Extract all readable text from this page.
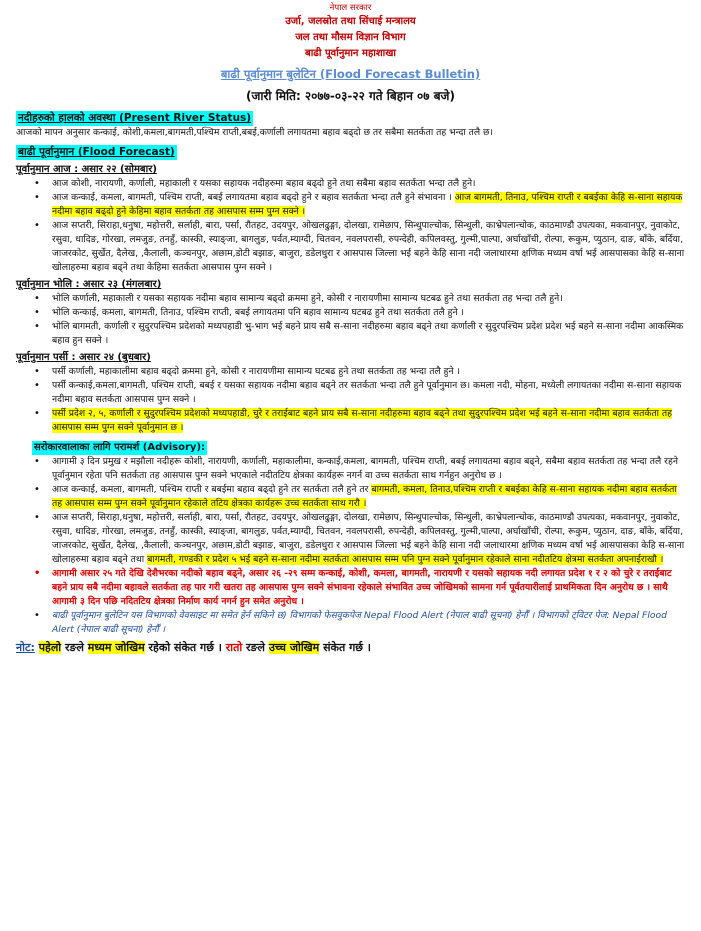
नेपाल सरकार
उर्जा, जलस्रोत तथा सिंचाई मन्त्रालय
जल तथा मौसम विज्ञान विभाग
बाढी पूर्वानुमान महाशाखा
बाढी पूर्वानुमान बुलेटिन (Flood Forecast Bulletin)
(जारी मिति: २०७७-०३-२२ गते बिहान ०७ बजे)
नदीहरुको हालको अवस्था (Present River Status)

आजको मापन अनुसार कन्काई, कोशी,कमला,बागमती,पश्चिम राप्ती,बबई,कर्णाली लगायतमा बहाव बढ्दो छ तर सबैमा सतर्कता तह भन्दा तलै छ।

बाढी पूर्वानुमान (Flood Forecast)
पूर्वानुमान आज : असार २२ (सोमबार)
• आज कोशी, नारायणी, कर्णाली, महाकाली र यसका सहायक नदीहरुमा बहाव बढ्दो हुने तथा सबैमा बहाव सतर्कता भन्दा तलै हुने।
• आज कन्काई, कमला, बागमती, पश्चिम राप्ती, बबई लगायतमा बहाव बढ्दो हुने र बहाव सतर्कता भन्दा तलै हुने संभावना । आज बागमती, तिनाउ, पश्चिम राप्ती र बबईका केहि स-साना सहायक नदीमा बहाव बढ्दो हुने केहिमा बहाव सतर्कता तह आसपास सम्म पुग्न सक्ने ।
• आज सप्तरी, सिराहा,धनुषा, महोत्तरी, सर्लाही, बारा, पर्सा, रौतहट, उदयपुर, ओखलढुङ्गा, दोलखा, रामेछाप, सिन्धुपाल्चोक, सिन्धुली, काभ्रेपलान्चोक, काठमाण्डौ उपत्यका, मकवानपुर, नुवाकोट, रसुवा, धादिङ, गोरखा, लमजुङ, तनहुँ, कास्की, स्याङ्जा, बागलुङ, पर्वत,म्याग्दी, चितवन, नवलपरासी, रुपन्देही, कपिलवस्तु, गुल्मी,पाल्पा, अर्घाखाँची, रोल्पा, रूकुम, प्युठान, दाङ, बाँके, बर्दिया, जाजरकोट, सुर्खेत, दैलेख, ,कैलाली, कञ्चनपुर, अछाम,डोटी बझाङ, बाजुरा, डडेलधुरा र आसपास जिल्ला भई बहने केहि साना नदी जलाधारमा क्षणिक मध्यम वर्षा भई आसपासका केहि स-साना खोलाहरुमा बहाव बढ्ने तथा केहिमा सतर्कता आसपास पुग्न सक्ने ।
पूर्वानुमान भोलि : असार २३ (मंगलबार)
• भोलि कर्णाली, महाकाली र यसका सहायक नदीमा बहाव सामान्य बढ्दो क्रममा हुने, कोसी र नारायणीमा सामान्य घटबढ हुने तथा सतर्कता तह भन्दा तलै हुने।
• भोलि कन्काई, कमला, बागमती, तिनाउ, पश्चिम राप्ती, बबई लगायतमा पनि बहाव सामान्य घटबढ हुने तथा सतर्कता तलै हुने ।
• भोलि बागमती, कर्णाली र सुदुरपश्चिम प्रदेशको मध्यपहाडी भु-भाग भई बहने प्राय सबै स-साना नदीहरुमा बहाव बढ्ने तथा कर्णाली र सुदुरपश्चिम प्रदेश प्रदेश भई बहने स-साना नदीमा आकस्मिक बहाव हुन सक्ने ।
पूर्वानुमान पर्सी : असार २४ (बुधबार)
• पर्सी कर्णाली, महाकालीमा बहाव बढ्दो क्रममा हुने, कोसी र नारायणीमा सामान्य घटबढ हुने तथा सतर्कता तह भन्दा तलै हुने ।
• पर्सी कन्काई,कमला,बागमती, पश्चिम राप्ती, बबई र यसका सहायक नदीमा बहाव बढ्ने तर सतर्कता भन्दा तलै हुने पूर्वानुमान छ। कमला नदी, मोहना, मध्येली लगायतका नदीमा स-साना सहायक नदीमा बहाव सतर्कता आसपास पुग्न सक्ने ।
• पर्सी प्रदेश २, ५, कर्णाली र सुदुरपश्चिम प्रदेशको मध्यपहाडी, चुरे र तराईबाट बहने प्राय सबै स-साना नदीहरुमा बहाव बढ्ने तथा सुदुरपश्चिम प्रदेश भई बहने स-साना नदीमा बहाव सतर्कता तह आसपास सम्म पुग्न सक्ने पूर्वानुमान छ ।
सरोकारवालाका लागि परामर्श (Advisory):
• आगामी ३ दिन प्रमुख र मझौला नदीहरू कोशी, नारायणी, कर्णाली, महाकालीमा, कन्काई,कमला, बागमती, पश्चिम राप्ती, बबई लगायतमा बहाव बढ्ने, सबैमा बहाव सतर्कता तह भन्दा तलै रहने पूर्वानुमान रहेता पनि सतर्कता तह आसपास पुग्न सक्ने भएकाले नदीतटिय क्षेत्रका कार्यहरू नगर्न वा उच्च सतर्कता साथ गर्नहुन अनुरोध छ ।
• आज कन्काई, कमला, बागमती, पश्चिम राप्ती र बबईमा बहाव बढ्दो हुने तर सतर्कता तलै हुने तर बागमती, कमला, तिनाउ,पश्चिम राप्ती र बबईका केहि स-साना सहायक नदीमा बहाव सतर्कता तह आसपास सम्म पुग्न सक्ने पूर्वानुमान रहेकाले तटिय क्षेत्रका कार्यहरू उच्च सतर्कता साथ गरौ ।
• आज सप्तरी, सिराहा,धनुषा, महोत्तरी, सर्लाही, बारा, पर्सा, रौतहट, उदयपुर, ओखलढुङ्गा, दोलखा, रामेछाप, सिन्धुपाल्चोक, सिन्धुली, काभ्रेपलान्चोक, काठमाण्डौ उपत्यका, मकवानपुर, नुवाकोट, रसुवा, धादिङ, गोरखा, लमजुङ, तनहुँ, कास्की, स्याङ्जा, बागलुङ, पर्वत,म्याग्दी, चितवन, नवलपरासी, रुपन्देही, कपिलवस्तु, गुल्मी,पाल्पा, अर्घाखाँची, रोल्पा, रूकुम, प्युठान, दाङ, बाँके, बर्दिया, जाजरकोट, सुर्खेत, दैलेख, ,कैलाली, कञ्चनपुर, अछाम,डोटी बझाङ, बाजुरा, डडेलधुरा र आसपास जिल्ला भई बहने केहि साना नदी जलाधारमा क्षणिक मध्यम वर्षा भई आसपासका केहि स-साना खोलाहरुमा बहाव बढ्ने तथा बागमती, गण्डकी र प्रदेश ५ भई बहने स-साना नदीमा सतर्कता आसपास सम्म पनि पुग्न सक्ने पूर्वानुमान रहेकाले साना नदीतटिय क्षेत्रमा सतर्कता अपनाईराखौ ।
• आगामी असार २५ गते देखि देशैभरका नदीको बहाव बढ्ने, असार २६ -२९ सम्म कन्काई, कोशी, कमला, बागमती, नारायणी र यसको सहायक नदी लगायत प्रदेश १ र २ को चुरे र तराईबाट बहने प्राय सबै नदीमा बहावले सतर्कता तह पार गरी खतरा तह आसपास पुग्न सक्ने संभावना रहेकाले संभावित उच्च जोखिमको सामना गर्न पूर्वतयारीलाई प्राथमिकता दिन अनुरोध छ । साथै आगामी ३ दिन पछि नदितटिय क्षेत्रका निर्माण कार्य नगर्न हुन समेत अनुरोध ।
• बाढी पूर्वानुमान बुलेटिन यस विभागको वेवसाइट मा समेत हेर्न सकिने छ) विभागको फेसवुकपेज Nepal Flood Alert (नेपाल बाढी सूचना) हेर्नौं । विभागको ट्विटर पेज: Nepal Flood Alert (नेपाल बाढी सूचना) हेर्नौं ।
नोट: पहेलो रङले मध्यम जोखिम रहेको संकेत गर्छ । रातो रङले उच्च जोखिम संकेत गर्छ ।
